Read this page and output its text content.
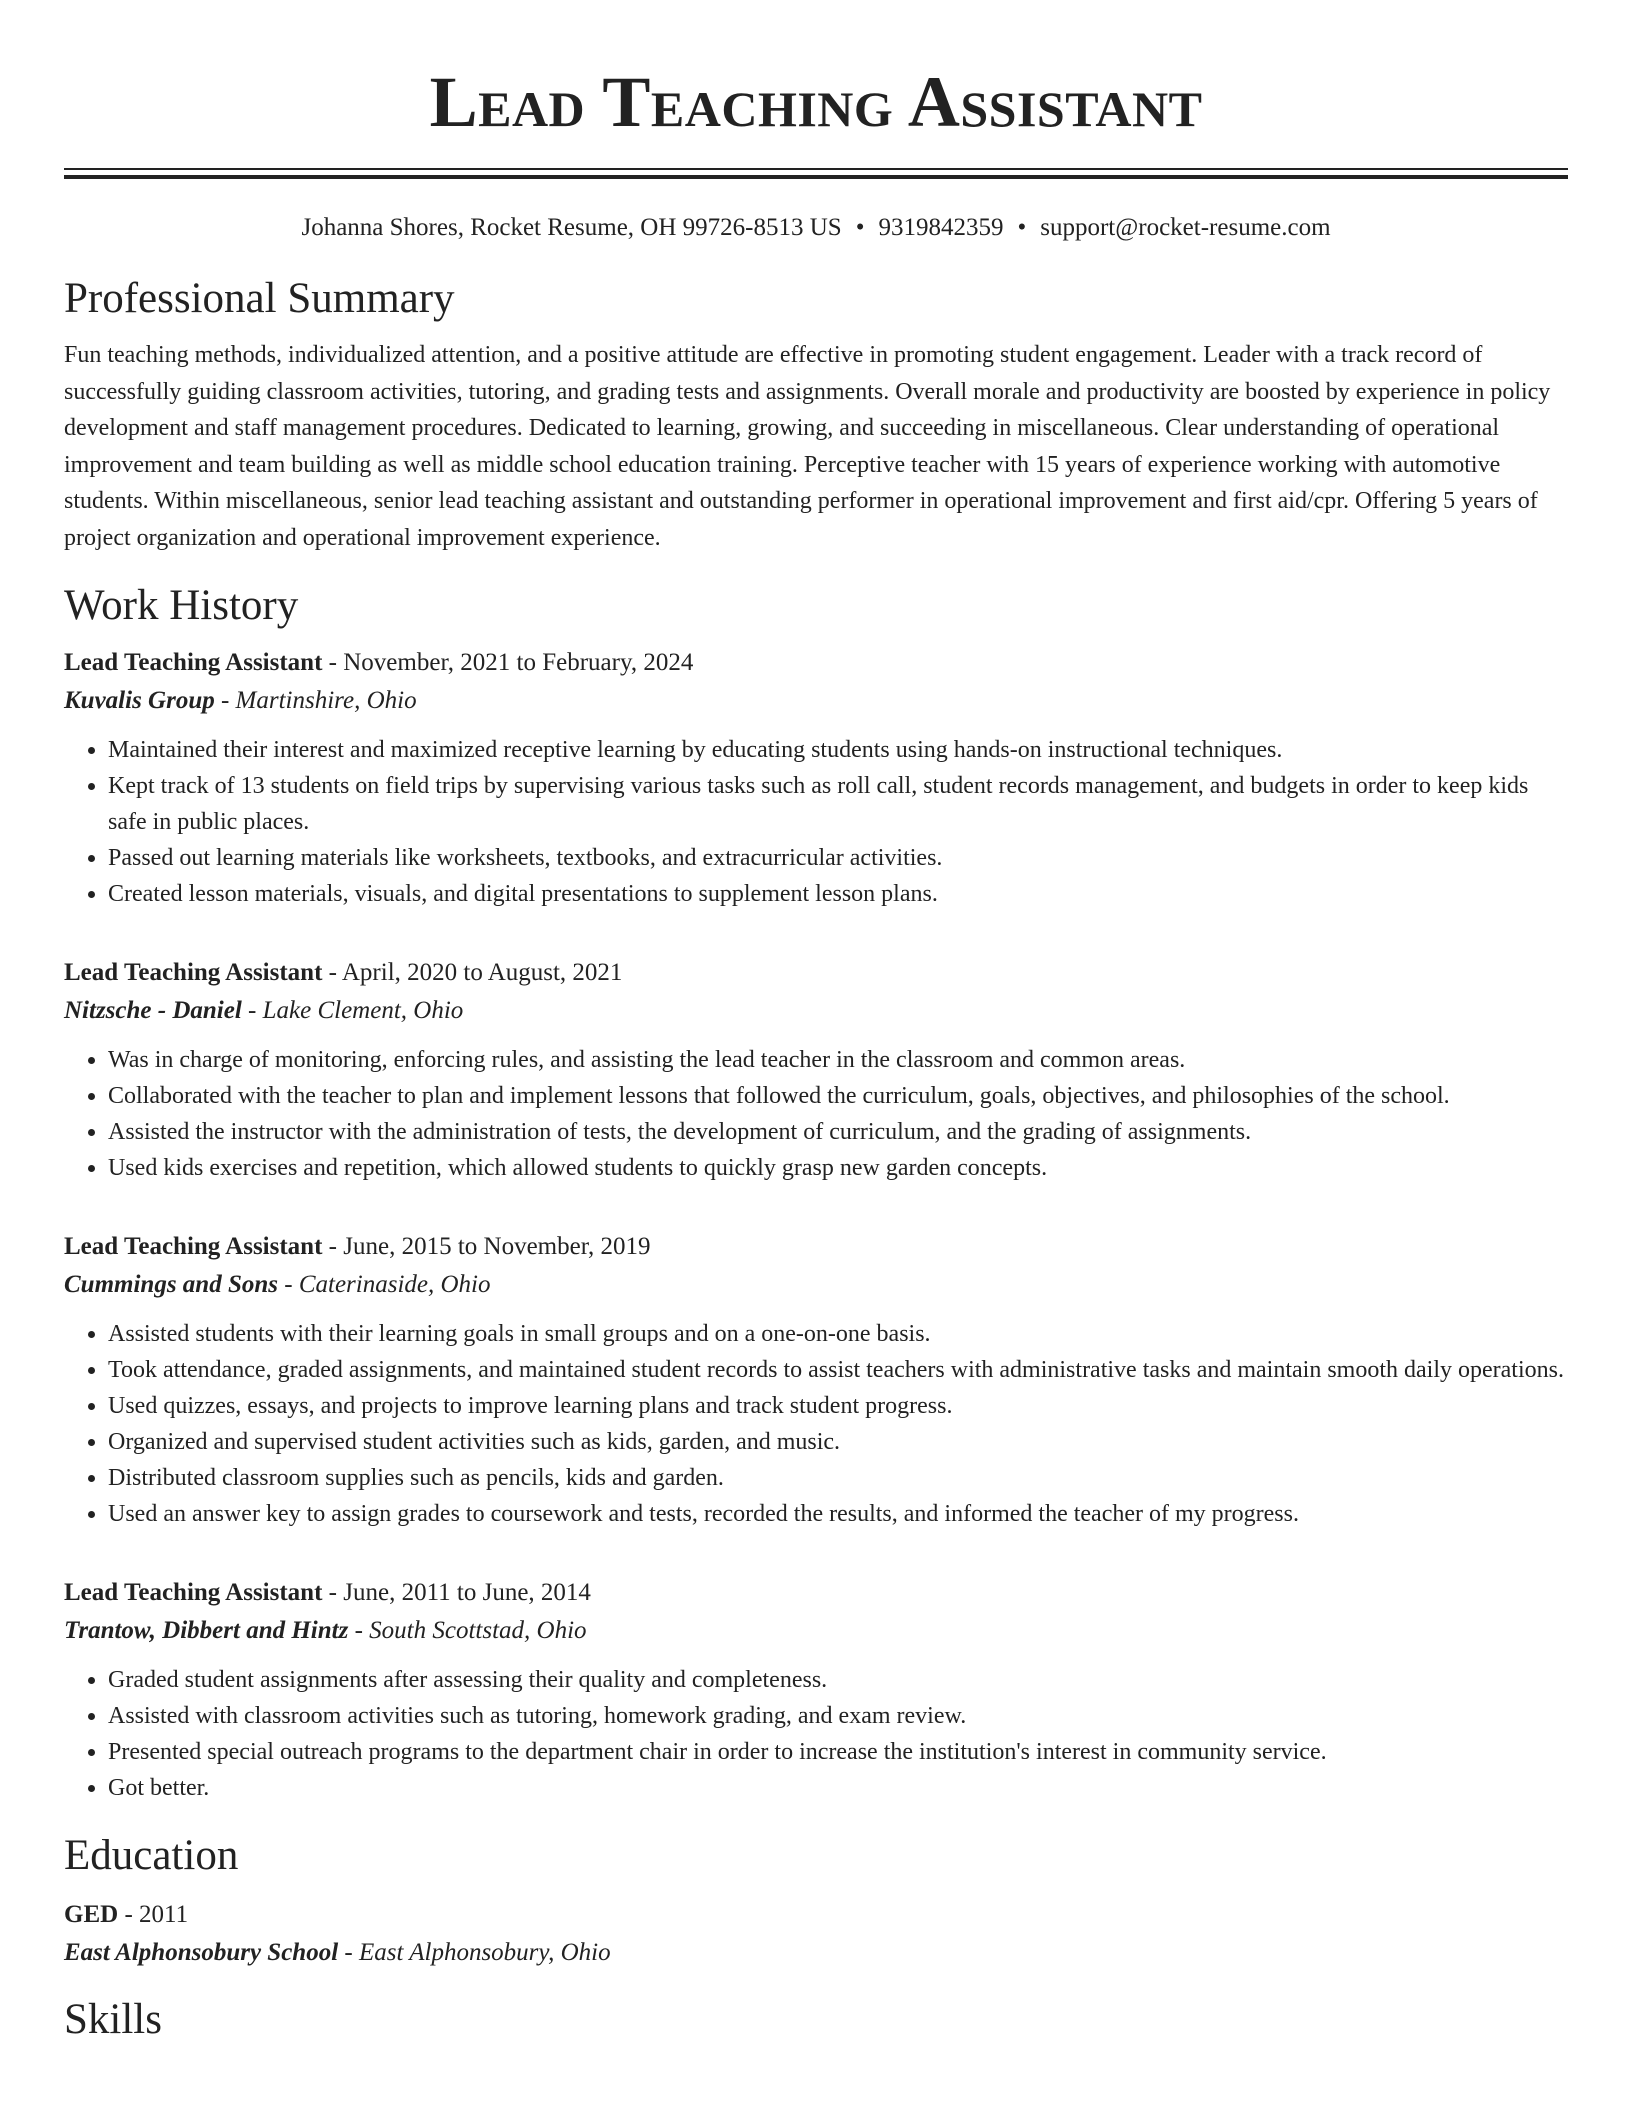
Lead Teaching Assistant
Johanna Shores, Rocket Resume, OH 99726-8513 US • 9319842359 • support@rocket-resume.com
Professional Summary
Fun teaching methods, individualized attention, and a positive attitude are effective in promoting student engagement. Leader with a track record of successfully guiding classroom activities, tutoring, and grading tests and assignments. Overall morale and productivity are boosted by experience in policy development and staff management procedures. Dedicated to learning, growing, and succeeding in miscellaneous. Clear understanding of operational improvement and team building as well as middle school education training. Perceptive teacher with 15 years of experience working with automotive students. Within miscellaneous, senior lead teaching assistant and outstanding performer in operational improvement and first aid/cpr. Offering 5 years of project organization and operational improvement experience.
Work History
Lead Teaching Assistant - November, 2021 to February, 2024
Kuvalis Group - Martinshire, Ohio
• Maintained their interest and maximized receptive learning by educating students using hands-on instructional techniques.
• Kept track of 13 students on field trips by supervising various tasks such as roll call, student records management, and budgets in order to keep kids safe in public places.
• Passed out learning materials like worksheets, textbooks, and extracurricular activities.
• Created lesson materials, visuals, and digital presentations to supplement lesson plans.
Lead Teaching Assistant - April, 2020 to August, 2021
Nitzsche - Daniel - Lake Clement, Ohio
• Was in charge of monitoring, enforcing rules, and assisting the lead teacher in the classroom and common areas.
• Collaborated with the teacher to plan and implement lessons that followed the curriculum, goals, objectives, and philosophies of the school.
• Assisted the instructor with the administration of tests, the development of curriculum, and the grading of assignments.
• Used kids exercises and repetition, which allowed students to quickly grasp new garden concepts.
Lead Teaching Assistant - June, 2015 to November, 2019
Cummings and Sons - Caterinaside, Ohio
• Assisted students with their learning goals in small groups and on a one-on-one basis.
• Took attendance, graded assignments, and maintained student records to assist teachers with administrative tasks and maintain smooth daily operations.
• Used quizzes, essays, and projects to improve learning plans and track student progress.
• Organized and supervised student activities such as kids, garden, and music.
• Distributed classroom supplies such as pencils, kids and garden.
• Used an answer key to assign grades to coursework and tests, recorded the results, and informed the teacher of my progress.
Lead Teaching Assistant - June, 2011 to June, 2014
Trantow, Dibbert and Hintz - South Scottstad, Ohio
• Graded student assignments after assessing their quality and completeness.
• Assisted with classroom activities such as tutoring, homework grading, and exam review.
• Presented special outreach programs to the department chair in order to increase the institution's interest in community service.
• Got better.
Education
GED - 2011
East Alphonsobury School - East Alphonsobury, Ohio
Skills
